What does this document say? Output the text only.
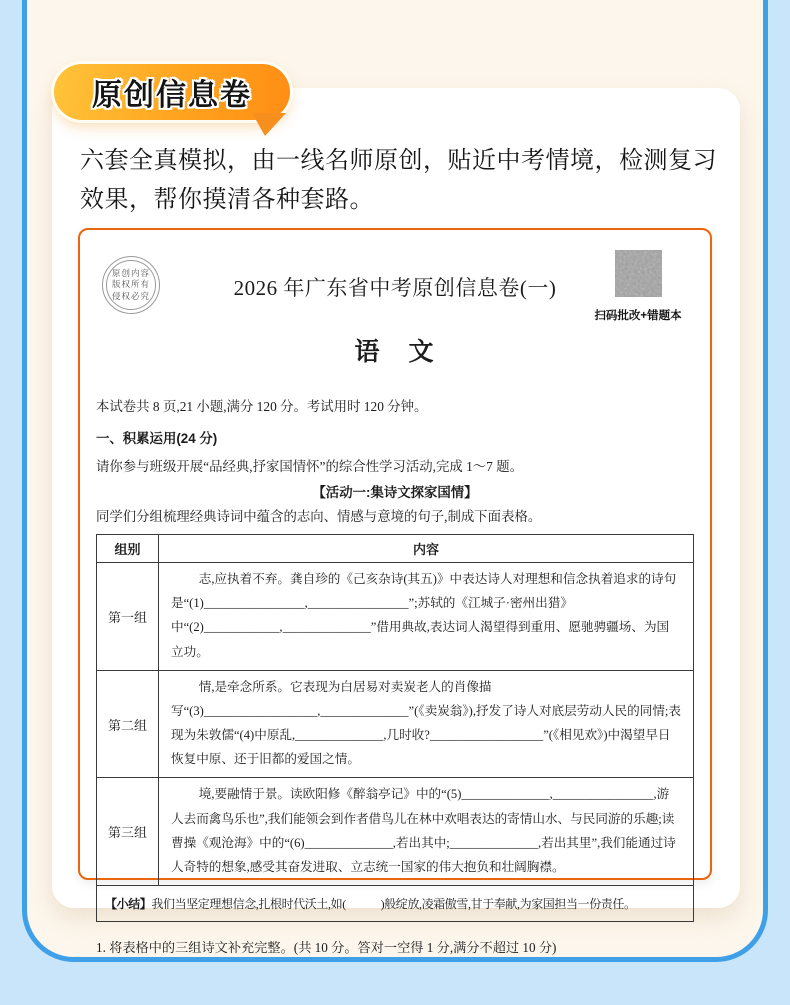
原创信息卷
六套全真模拟，由一线名师原创，贴近中考情境，检测复习效果，帮你摸清各种套路。
原创内容
版权所有
侵权必究	2026 年广东省中考原创信息卷(一)
扫码批改+错题本
语　文
本试卷共 8 页,21 小题,满分 120 分。考试用时 120 分钟。
一、积累运用(24 分)
请你参与班级开展“品经典,抒家国情怀”的综合性学习活动,完成 1～7 题。
【活动一:集诗文探家国情】
同学们分组梳理经典诗词中蕴含的志向、情感与意境的句子,制成下面表格。
组别	内容
第一组	志,应执着不弃。龚自珍的《己亥杂诗(其五)》中表达诗人对理想和信念执着追求的诗句是“(1)________________,________________”;苏轼的《江城子·密州出猎》中“(2)____________,______________”借用典故,表达词人渴望得到重用、愿驰骋疆场、为国立功。

第二组	情,是牵念所系。它表现为白居易对卖炭老人的肖像描写“(3)__________________,______________”(《卖炭翁》),抒发了诗人对底层劳动人民的同情;表现为朱敦儒“(4)中原乱,______________,几时收?__________________”(《相见欢》)中渴望早日恢复中原、还于旧都的爱国之情。

第三组	境,要融情于景。读欧阳修《醉翁亭记》中的“(5)______________,________________,游人去而禽鸟乐也”,我们能领会到作者借鸟儿在林中欢唱表达的寄情山水、与民同游的乐趣;读曹操《观沧海》中的“(6)______________,若出其中;______________,若出其里”,我们能通过诗人奇特的想象,感受其奋发进取、立志统一国家的伟大抱负和壮阔胸襟。

【小结】我们当坚定理想信念,扎根时代沃土,如(　　　)般绽放,凌霜傲雪,甘于奉献,为家国担当一份责任。	
1. 将表格中的三组诗文补充完整。(共 10 分。答对一空得 1 分,满分不超过 10 分)
